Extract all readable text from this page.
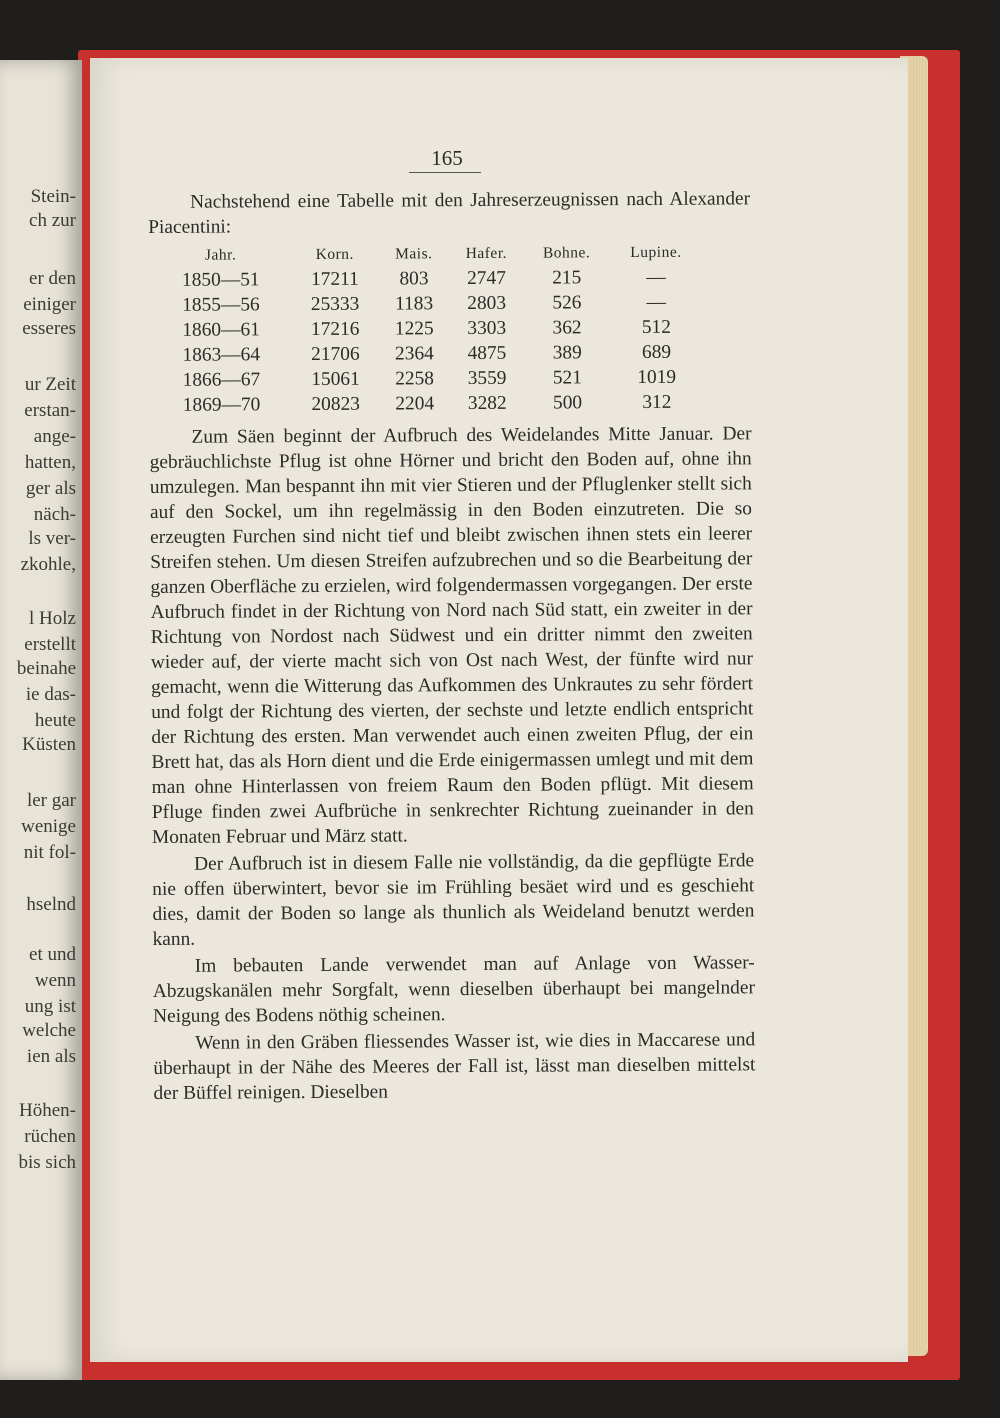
Stein-
ch zur
er den
einiger
esseres
ur Zeit
erstan-
ange-
hatten,
ger als
näch-
ls ver-
zkohle,
l Holz
erstellt
beinahe
ie das-
heute
Küsten
ler gar
wenige
nit fol-
hselnd
et und
wenn
ung ist
welche
ien als
Höhen-
rüchen
bis sich
165

Nachstehend eine Tabelle mit den Jahreserzeugnissen nach Alexander Piacentini:

Jahr.	Korn.	Mais.	Hafer.	Bohne.	Lupine.
1850—51	17211	803	2747	215	—
1855—56	25333	1183	2803	526	—
1860—61	17216	1225	3303	362	512
1863—64	21706	2364	4875	389	689
1866—67	15061	2258	3559	521	1019
1869—70	20823	2204	3282	500	312

Zum Säen beginnt der Aufbruch des Weidelandes Mitte Januar. Der gebräuchlichste Pflug ist ohne Hörner und bricht den Boden auf, ohne ihn umzulegen. Man bespannt ihn mit vier Stieren und der Pfluglenker stellt sich auf den Sockel, um ihn regelmässig in den Boden einzutreten. Die so erzeugten Furchen sind nicht tief und bleibt zwischen ihnen stets ein leerer Streifen stehen. Um diesen Streifen aufzubrechen und so die Bearbeitung der ganzen Oberfläche zu erzielen, wird folgendermassen vorgegangen. Der erste Aufbruch findet in der Richtung von Nord nach Süd statt, ein zweiter in der Richtung von Nordost nach Südwest und ein dritter nimmt den zweiten wieder auf, der vierte macht sich von Ost nach West, der fünfte wird nur gemacht, wenn die Witterung das Aufkommen des Unkrautes zu sehr fördert und folgt der Richtung des vierten, der sechste und letzte endlich entspricht der Richtung des ersten. Man verwendet auch einen zweiten Pflug, der ein Brett hat, das als Horn dient und die Erde einigermassen umlegt und mit dem man ohne Hinterlassen von freiem Raum den Boden pflügt. Mit diesem Pfluge finden zwei Aufbrüche in senkrechter Richtung zueinander in den Monaten Februar und März statt.

Der Aufbruch ist in diesem Falle nie vollständig, da die gepflügte Erde nie offen überwintert, bevor sie im Frühling besäet wird und es geschieht dies, damit der Boden so lange als thunlich als Weideland benutzt werden kann.

Im bebauten Lande verwendet man auf Anlage von Wasser-Abzugskanälen mehr Sorgfalt, wenn dieselben überhaupt bei mangelnder Neigung des Bodens nöthig scheinen.

Wenn in den Gräben fliessendes Wasser ist, wie dies in Maccarese und überhaupt in der Nähe des Meeres der Fall ist, lässt man dieselben mittelst der Büffel reinigen. Dieselben
